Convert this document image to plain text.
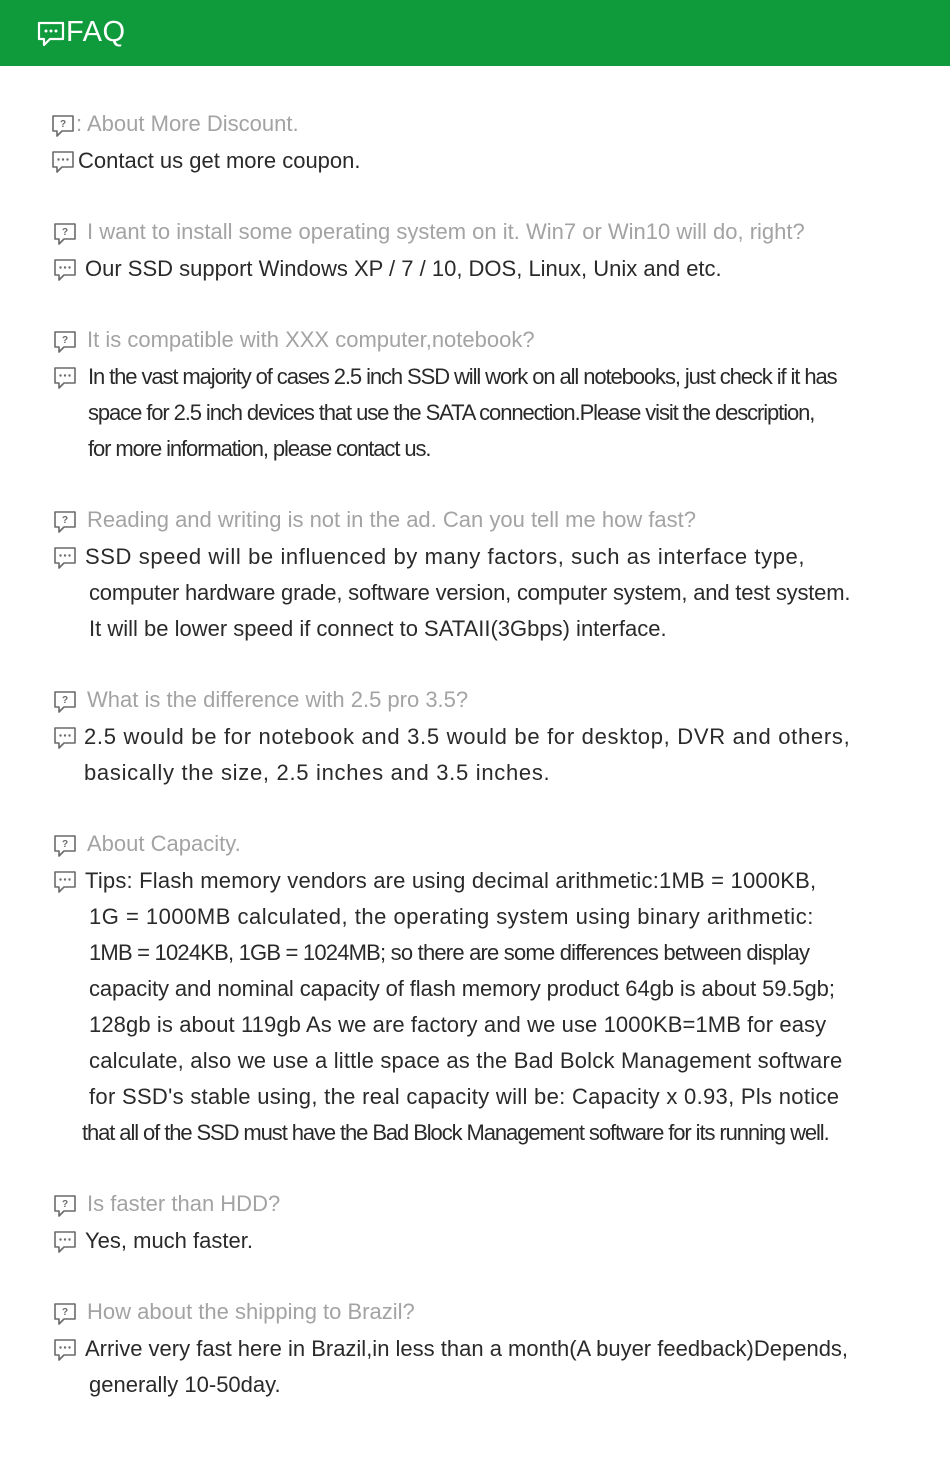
FAQ
? : About More Discount.
Contact us get more coupon.
? I want to install some operating system on it. Win7 or Win10 will do, right?
Our SSD support Windows XP / 7 / 10, DOS, Linux, Unix and etc.
? It is compatible with XXX computer,notebook?
In the vast majority of cases 2.5 inch SSD will work on all notebooks, just check if it has
space for 2.5 inch devices that use the SATA connection.Please visit the description,
for more information, please contact us.
? Reading and writing is not in the ad. Can you tell me how fast?
SSD speed will be influenced by many factors, such as interface type,
computer hardware grade, software version, computer system, and test system.
It will be lower speed if connect to SATAII(3Gbps) interface.
? What is the difference with 2.5 pro 3.5?
2.5 would be for notebook and 3.5 would be for desktop, DVR and others,
basically the size, 2.5 inches and 3.5 inches.
? About Capacity.
Tips: Flash memory vendors are using decimal arithmetic:1MB = 1000KB,
1G = 1000MB calculated, the operating system using binary arithmetic:
1MB = 1024KB, 1GB = 1024MB; so there are some differences between display
capacity and nominal capacity of flash memory product 64gb is about 59.5gb;
128gb is about 119gb As we are factory and we use 1000KB=1MB for easy
calculate, also we use a little space as the Bad Bolck Management software
for SSD's stable using, the real capacity will be: Capacity x 0.93, Pls notice
that all of the SSD must have the Bad Block Management software for its running well.
? Is faster than HDD?
Yes, much faster.
? How about the shipping to Brazil?
Arrive very fast here in Brazil,in less than a month(A buyer feedback)Depends,
generally 10-50day.
